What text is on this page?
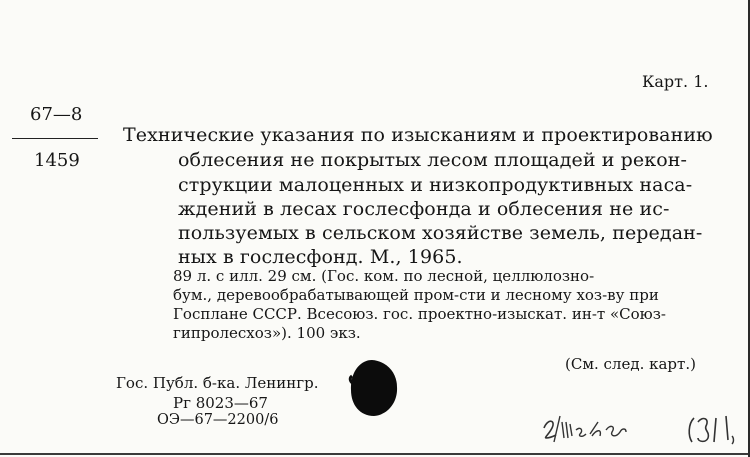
Карт. 1.
67—8
1459
Технические указания по изысканиям и проектированию
облесения не покрытых лесом площадей и рекон-
струкции малоценных и низкопродуктивных наса-
ждений в лесах гослесфонда и облесения не ис-
пользуемых в сельском хозяйстве земель, передан-
ных в гослесфонд. М., 1965.
89 л. с илл. 29 см. (Гос. ком. по лесной, целлюлозно-
бум., деревообрабатывающей пром-сти и лесному хоз-ву при
Госплане СССР. Всесоюз. гос. проектно-изыскат. ин-т «Союз-
гипролесхоз»). 100 экз.
(См. след. карт.)
Гос. Публ. б-ка. Ленингр.
Рг 8023—67
ОЭ—67—2200/6
